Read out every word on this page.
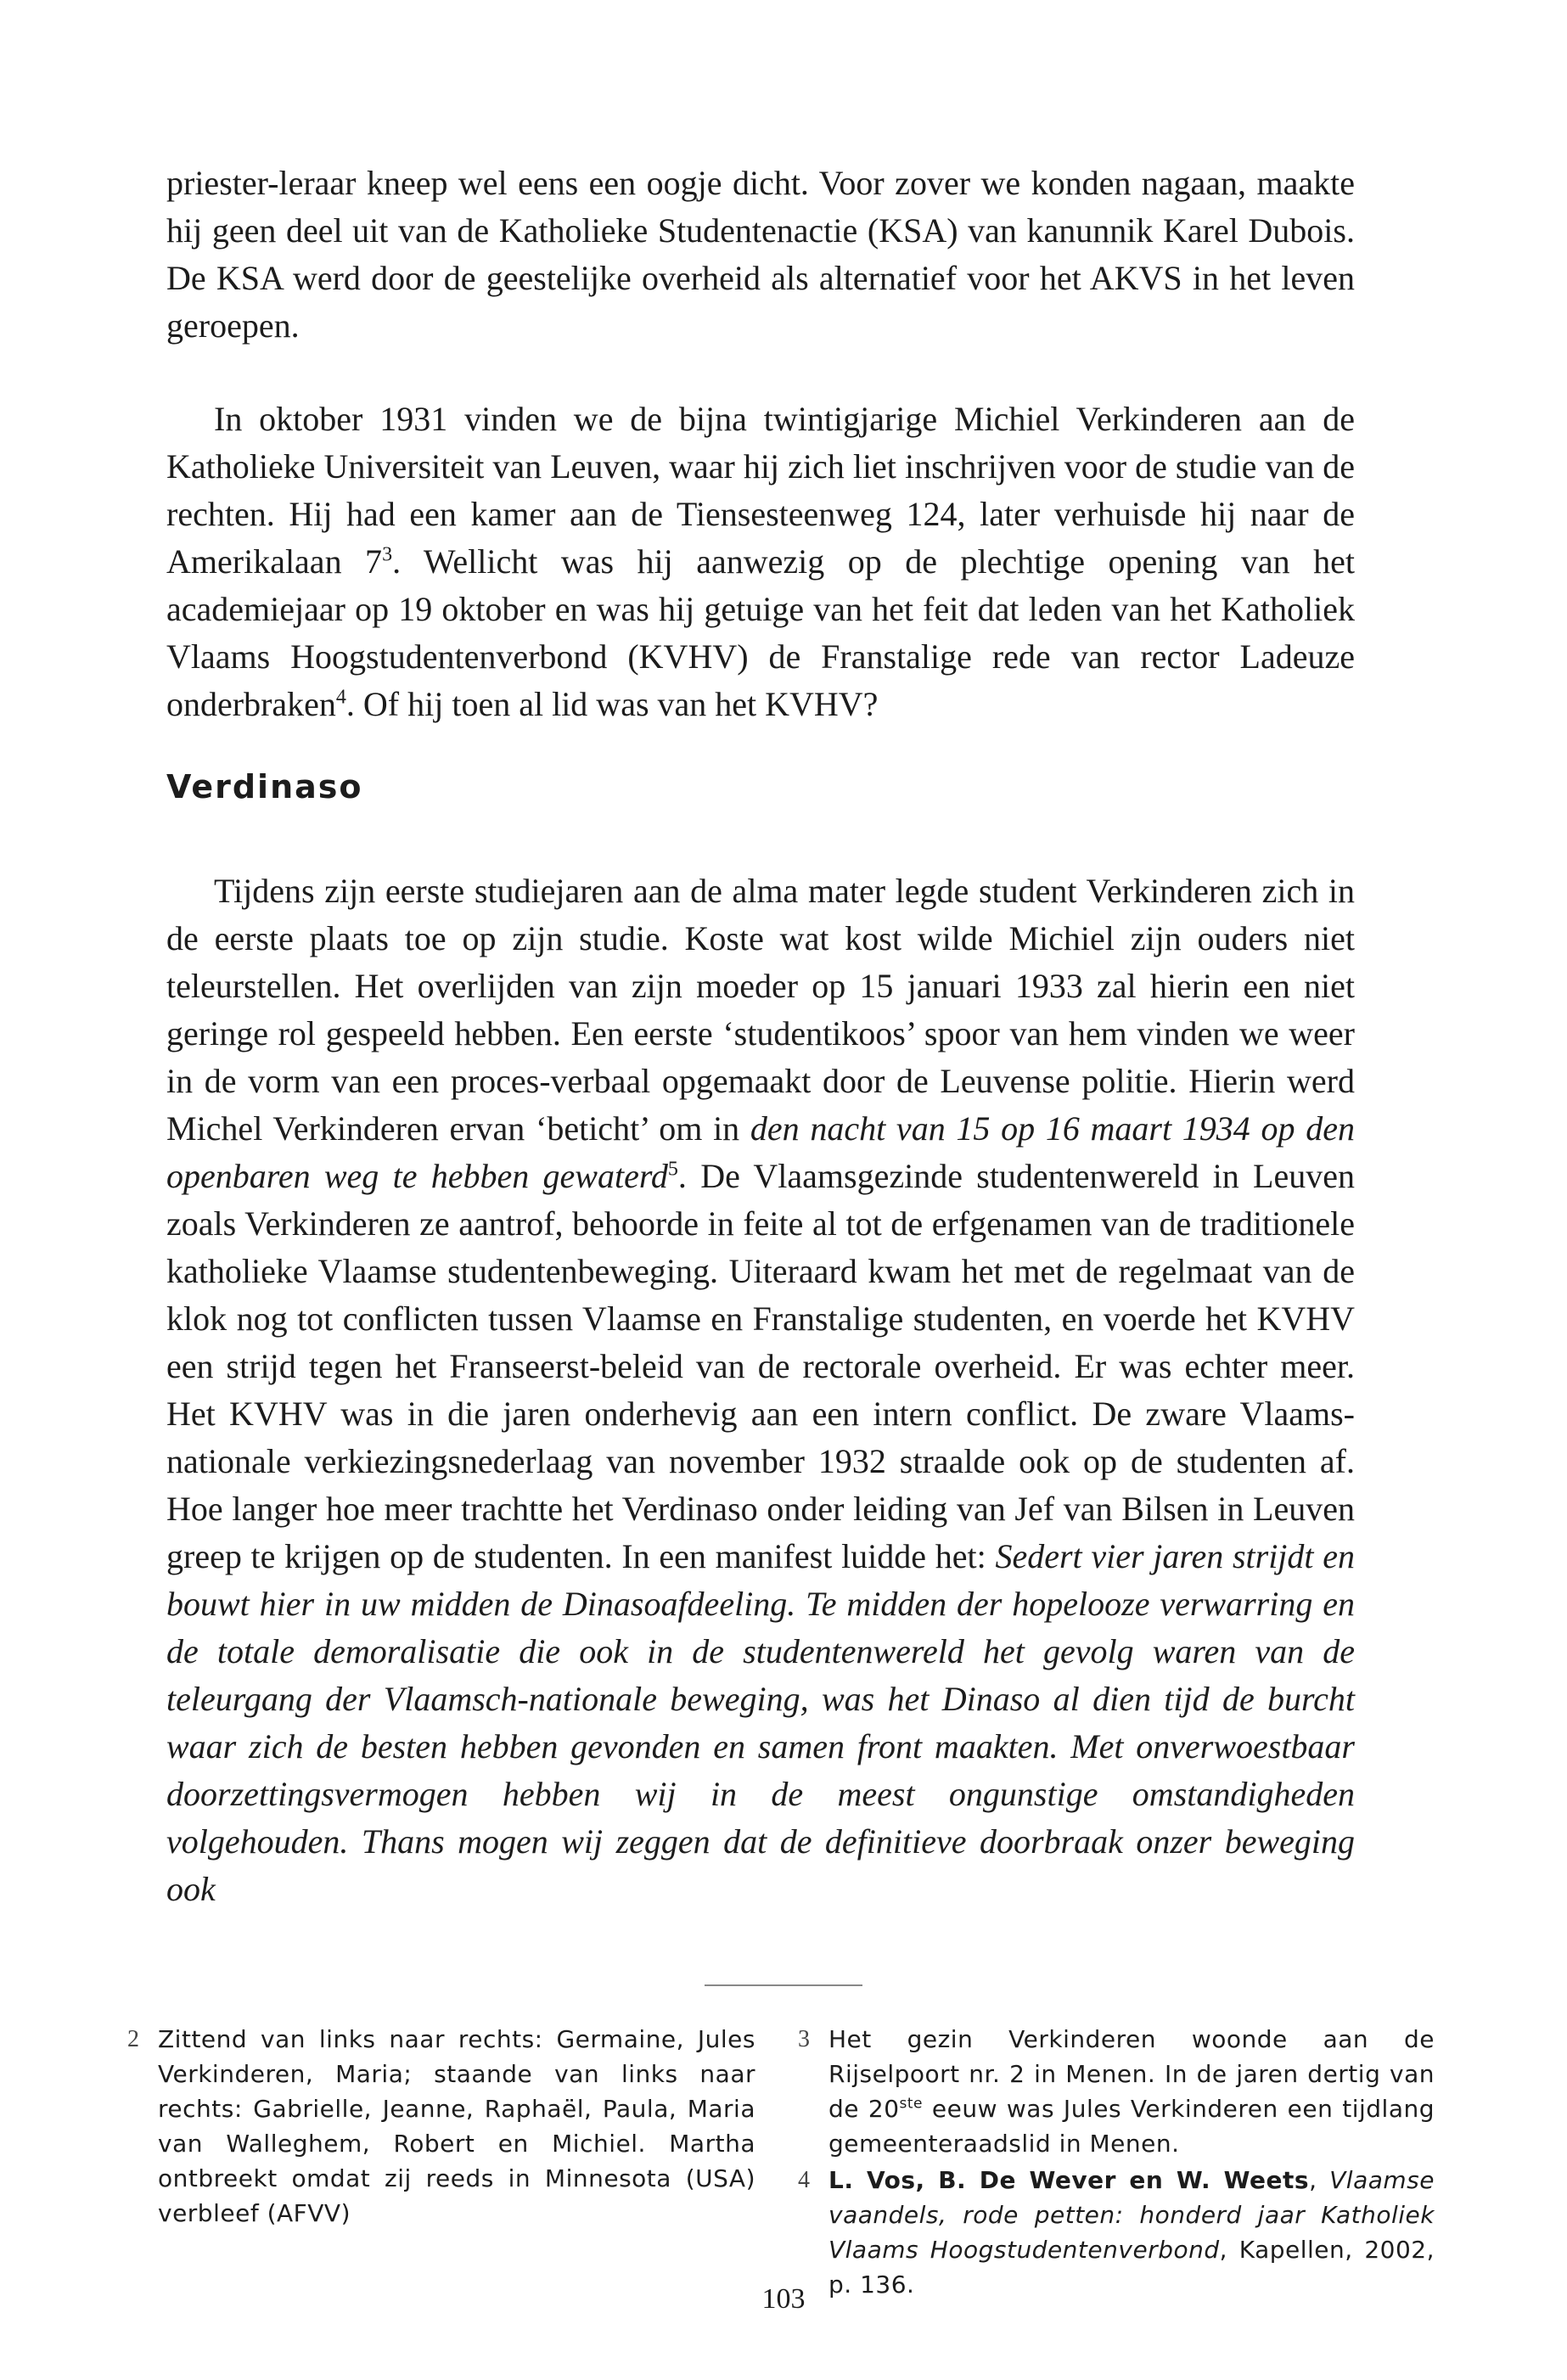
priester-leraar kneep wel eens een oogje dicht. Voor zover we konden nagaan, maakte hij geen deel uit van de Katholieke Studentenactie (KSA) van kanunnik Karel Dubois. De KSA werd door de geestelijke overheid als alternatief voor het AKVS in het leven geroepen.

In oktober 1931 vinden we de bijna twintigjarige Michiel Verkinderen aan de Katholieke Universiteit van Leuven, waar hij zich liet inschrijven voor de studie van de rechten. Hij had een kamer aan de Tiensesteenweg 124, later verhuisde hij naar de Amerikalaan $7^3$. Wellicht was hij aanwezig op de plechtige opening van het academiejaar op 19 oktober en was hij getuige van het feit dat leden van het Katholiek Vlaams Hoogstudentenverbond (KVHV) de Franstalige rede van rector Ladeuze onderbraken$^4$. Of hij toen al lid was van het KVHV?

Verdinaso

Tijdens zijn eerste studiejaren aan de alma mater legde student Verkinderen zich in de eerste plaats toe op zijn studie. Koste wat kost wilde Michiel zijn ouders niet teleurstellen. Het overlijden van zijn moeder op 15 januari 1933 zal hierin een niet geringe rol gespeeld hebben. Een eerste ‘studentikoos’ spoor van hem vinden we weer in de vorm van een proces-verbaal opgemaakt door de Leuvense politie. Hierin werd Michel Verkinderen ervan ‘beticht’ om in den nacht van 15 op 16 maart 1934 op den openbaren weg te hebben gewaterd$^5$. De Vlaamsgezinde studentenwereld in Leuven zoals Verkinderen ze aantrof, behoorde in feite al tot de erfgenamen van de traditionele katholieke Vlaamse studentenbeweging. Uiteraard kwam het met de regelmaat van de klok nog tot conflicten tussen Vlaamse en Franstalige studenten, en voerde het KVHV een strijd tegen het Franseerst-beleid van de rectorale overheid. Er was echter meer. Het KVHV was in die jaren onderhevig aan een intern conflict. De zware Vlaams-nationale verkiezingsnederlaag van november 1932 straalde ook op de studenten af. Hoe langer hoe meer trachtte het Verdinaso onder leiding van Jef van Bilsen in Leuven greep te krijgen op de studenten. In een manifest luidde het: Sedert vier jaren strijdt en bouwt hier in uw midden de Dinasoafdeeling. Te midden der hopelooze verwarring en de totale demoralisatie die ook in de studentenwereld het gevolg waren van de teleurgang der Vlaamsch-nationale beweging, was het Dinaso al dien tijd de burcht waar zich de besten hebben gevonden en samen front maakten. Met onverwoestbaar doorzettingsvermogen hebben wij in de meest ongunstige omstandigheden volgehouden. Thans mogen wij zeggen dat de definitieve doorbraak onzer beweging ook

2 Zittend van links naar rechts: Germaine, Jules Verkinderen, Maria; staande van links naar rechts: Gabrielle, Jeanne, Raphaël, Paula, Maria van Walleghem, Robert en Michiel. Martha ontbreekt omdat zij reeds in Minnesota (USA) verbleef (AFVV)
3 Het gezin Verkinderen woonde aan de Rijselpoort nr. 2 in Menen. In de jaren dertig van de 20ste eeuw was Jules Verkinderen een tijdlang gemeenteraadslid in Menen.
4 L. Vos, B. De Wever en W. Weets, Vlaamse vaandels, rode petten: honderd jaar Katholiek Vlaams Hoogstudentenverbond, Kapellen, 2002, p. 136.
103
